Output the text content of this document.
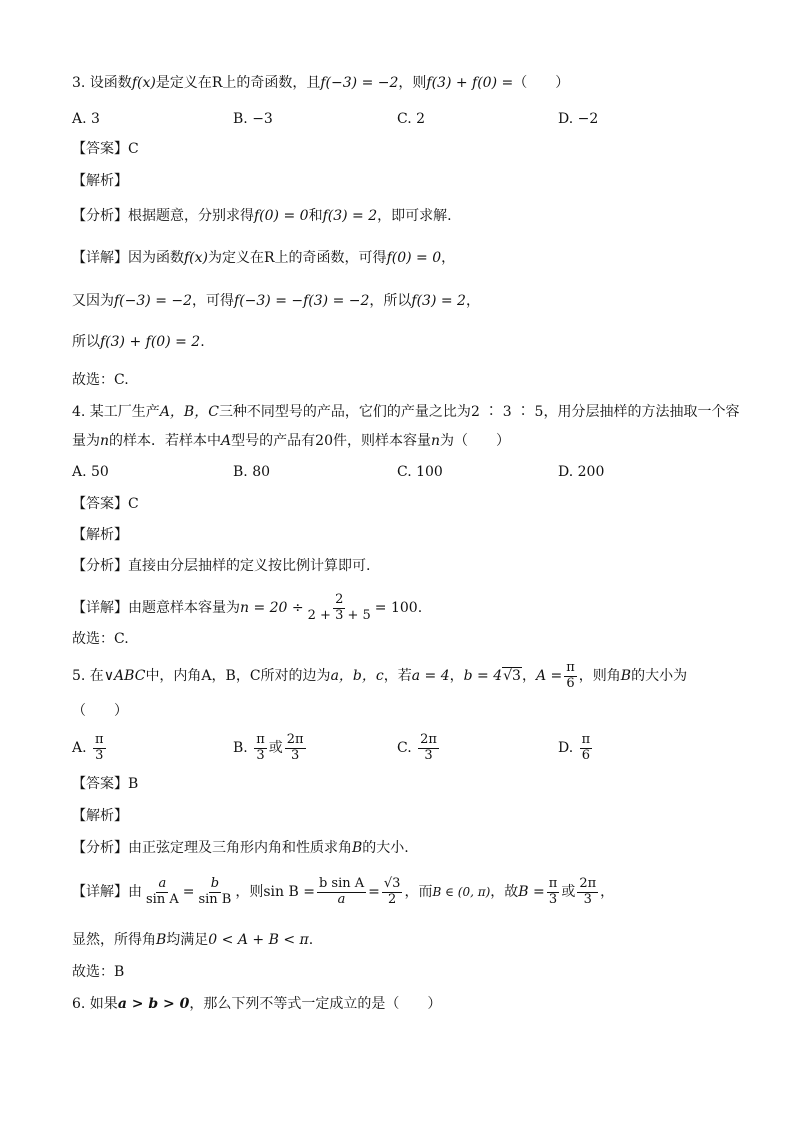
3. 设函数f(x)是定义在R上的奇函数，且f(−3) = −2，则f(3) + f(0) =（　　）
A. 3	B. −3	C. 2	D. −2
【答案】C
【解析】
【分析】根据题意，分别求得f(0) = 0和f(3) = 2，即可求解.
【详解】因为函数f(x)为定义在R上的奇函数，可得f(0) = 0，
又因为f(−3) = −2，可得f(−3) = −f(3) = −2，所以f(3) = 2，
所以f(3) + f(0) = 2.
故选：C.
4. 某工厂生产A，B，C三种不同型号的产品，它们的产量之比为2 ∶ 3 ∶ 5，用分层抽样的方法抽取一个容
量为n的样本．若样本中A型号的产品有20件，则样本容量n为（　　）
A. 50	B. 80	C. 100	D. 200
【答案】C
【解析】
【分析】直接由分层抽样的定义按比例计算即可.
【详解】由题意样本容量为$n = 20 \div \frac{2}{2 + 3 + 5} = 100$.
故选：C.
5. 在∨ABC中，内角A，B，C所对的边为a，b，c，若a = 4，b = 4√3，$A = \frac{\pi}{6}$ ，则角B的大小为
（　　）
A. $\frac{\pi}{3}$	B. $\frac{\pi}{3}$ 或 $\frac{2\pi}{3}$	C. $\frac{2\pi}{3}$	D. $\frac{\pi}{6}$
【答案】B
【解析】
【分析】由正弦定理及三角形内角和性质求角B的大小.
【详解】由 $\frac{a}{\text{sin A}} = \frac{b}{\text{sin B}}$ ，则$\sin B = \frac{\text{b sin A}}{a} = \frac{√3}{2}$ ，而B ∈ (0, π)，故$B = \frac{\pi}{3}$ 或 $\frac{2\pi}{3}$ ，
显然，所得角B均满足0 < A + B < π.
故选：B
6. 如果a > b > 0，那么下列不等式一定成立的是（　　）
